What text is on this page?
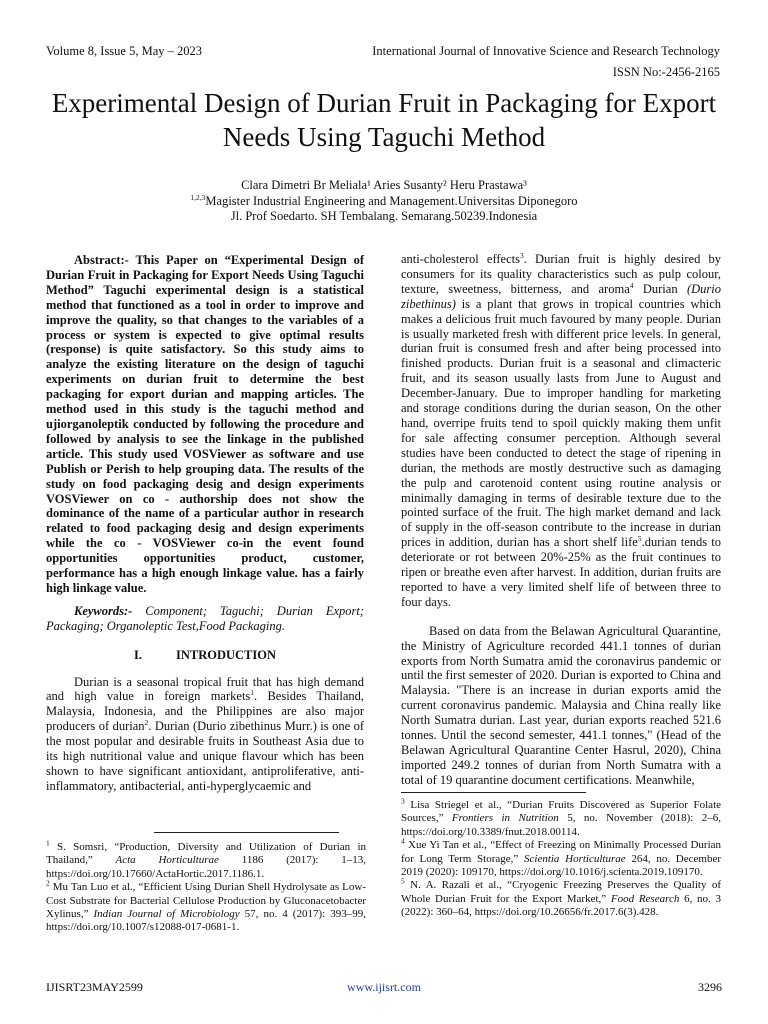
Volume 8, Issue 5, May – 2023	International Journal of Innovative Science and Research Technology
ISSN No:-2456-2165
Experimental Design of Durian Fruit in Packaging for Export Needs Using Taguchi Method
Clara Dimetri Br Meliala¹ Aries Susanty² Heru Prastawa³
$^{1,2,3}$Magister Industrial Engineering and Management.Universitas Diponegoro
Jl. Prof Soedarto. SH Tembalang. Semarang.50239.Indonesia

Abstract:- This Paper on “Experimental Design of Durian Fruit in Packaging for Export Needs Using Taguchi Method” Taguchi experimental design is a statistical method that functioned as a tool in order to improve and improve the quality, so that changes to the variables of a process or system is expected to give optimal results (response) is quite satisfactory. So this study aims to analyze the existing literature on the design of taguchi experiments on durian fruit to determine the best packaging for export durian and mapping articles. The method used in this study is the taguchi method and ujiorganoleptik conducted by following the procedure and followed by analysis to see the linkage in the published article. This study used VOSViewer as software and use Publish or Perish to help grouping data. The results of the study on food packaging desig and design experiments VOSViewer on co - authorship does not show the dominance of the name of a particular author in research related to food packaging desig and design experiments while the co - VOSViewer co-in the event found opportunities opportunities product, customer, performance has a high enough linkage value. has a fairly high linkage value.

Keywords:- Component; Taguchi; Durian Export; Packaging; Organoleptic Test,Food Packaging.

I.	INTRODUCTION

Durian is a seasonal tropical fruit that has high demand and high value in foreign markets$^1$. Besides Thailand, Malaysia, Indonesia, and the Philippines are also major producers of durian$^2$. Durian (Durio zibethinus Murr.) is one of the most popular and desirable fruits in Southeast Asia due to its high nutritional value and unique flavour which has been shown to have significant antioxidant, antiproliferative, anti-inflammatory, antibacterial, anti-hyperglycaemic and

anti-cholesterol effects$^3$. Durian fruit is highly desired by consumers for its quality characteristics such as pulp colour, texture, sweetness, bitterness, and aroma$^4$ Durian (Durio zibethinus) is a plant that grows in tropical countries which makes a delicious fruit much favoured by many people. Durian is usually marketed fresh with different price levels. In general, durian fruit is consumed fresh and after being processed into finished products. Durian fruit is a seasonal and climacteric fruit, and its season usually lasts from June to August and December-January. Due to improper handling for marketing and storage conditions during the durian season, On the other hand, overripe fruits tend to spoil quickly making them unfit for sale affecting consumer perception. Although several studies have been conducted to detect the stage of ripening in durian, the methods are mostly destructive such as damaging the pulp and carotenoid content using routine analysis or minimally damaging in terms of desirable texture due to the pointed surface of the fruit. The high market demand and lack of supply in the off-season contribute to the increase in durian prices in addition, durian has a short shelf life$^5$.durian tends to deteriorate or rot between 20%-25% as the fruit continues to ripen or breathe even after harvest. In addition, durian fruits are reported to have a very limited shelf life of between three to four days.

Based on data from the Belawan Agricultural Quarantine, the Ministry of Agriculture recorded 441.1 tonnes of durian exports from North Sumatra amid the coronavirus pandemic or until the first semester of 2020. Durian is exported to China and Malaysia. "There is an increase in durian exports amid the current coronavirus pandemic. Malaysia and China really like North Sumatra durian. Last year, durian exports reached 521.6 tonnes. Until the second semester, 441.1 tonnes," (Head of the Belawan Agricultural Quarantine Center Hasrul, 2020), China imported 249.2 tonnes of durian from North Sumatra with a total of 19 quarantine document certifications. Meanwhile,

$^1$ S. Somsri, “Production, Diversity and Utilization of Durian in Thailand,” Acta Horticulturae 1186 (2017): 1–13, https://doi.org/10.17660/ActaHortic.2017.1186.1.

$^2$ Mu Tan Luo et al., “Efficient Using Durian Shell Hydrolysate as Low-Cost Substrate for Bacterial Cellulose Production by Gluconacetobacter Xylinus,” Indian Journal of Microbiology 57, no. 4 (2017): 393–99, https://doi.org/10.1007/s12088-017-0681-1.

$^3$ Lisa Striegel et al., “Durian Fruits Discovered as Superior Folate Sources,” Frontiers in Nutrition 5, no. November (2018): 2–6, https://doi.org/10.3389/fnut.2018.00114.

$^4$ Xue Yi Tan et al., “Effect of Freezing on Minimally Processed Durian for Long Term Storage,” Scientia Horticulturae 264, no. December 2019 (2020): 109170, https://doi.org/10.1016/j.scienta.2019.109170.

$^5$ N. A. Razali et al., “Cryogenic Freezing Preserves the Quality of Whole Durian Fruit for the Export Market,” Food Research 6, no. 3 (2022): 360–64, https://doi.org/10.26656/fr.2017.6(3).428.

IJISRT23MAY2599	www.ijisrt.com	3296
